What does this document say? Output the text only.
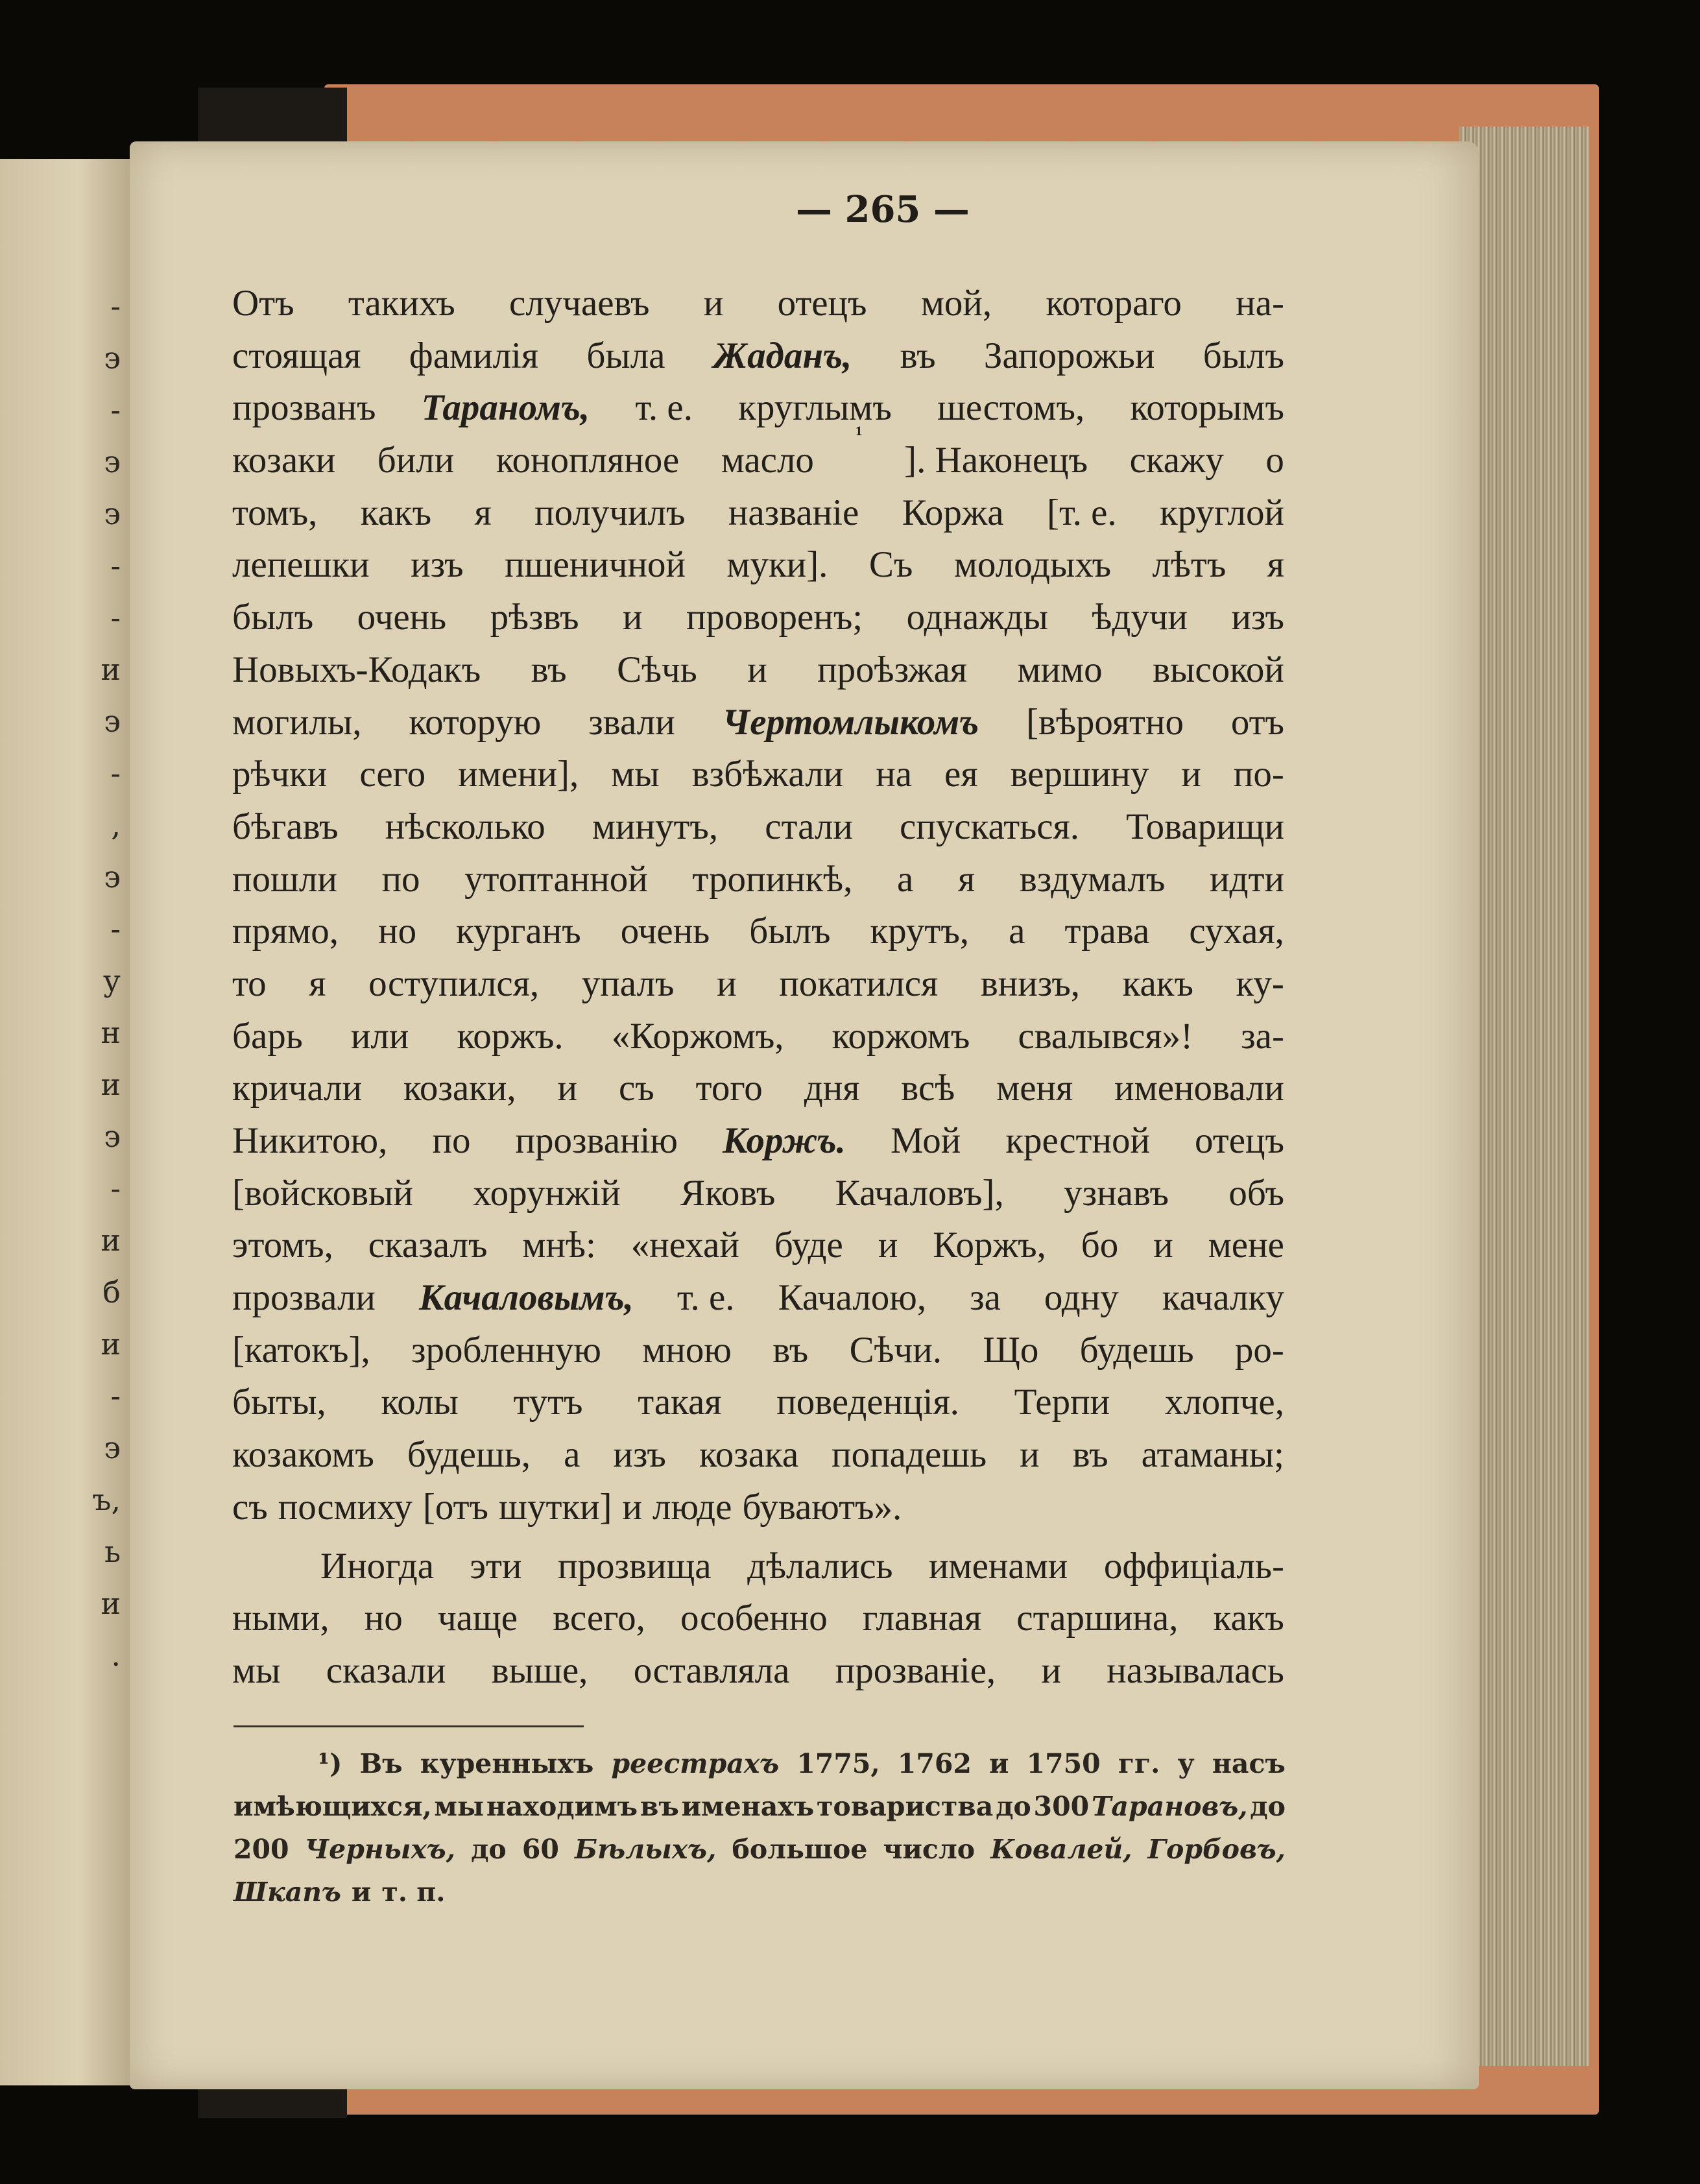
-
э
-
э
э
-
-
и
э
-
,
э
-
у
н
и
э
-
и
б
и
-
э
ъ,
ь
и
.
— 265 —
Отъ такихъ случаевъ и отецъ мой, котораго на-
стоящая фамилія была Жаданъ, въ Запорожьи былъ
прозванъ Тараномъ, т. е. круглымъ шестомъ, которымъ
козаки били конопляное масло
¹
]. Наконецъ скажу о
томъ, какъ я получилъ названіе Коржа [т. е. круглой
лепешки изъ пшеничной муки]. Съ молодыхъ лѣтъ я
былъ очень рѣзвъ и проворенъ; однажды ѣдучи изъ
Новыхъ-Кодакъ въ Сѣчь и проѣзжая мимо высокой
могилы, которую звали Чертомлыкомъ [вѣроятно отъ
рѣчки сего имени], мы взбѣжали на ея вершину и по-
бѣгавъ нѣсколько минутъ, стали спускаться. Товарищи
пошли по утоптанной тропинкѣ, а я вздумалъ идти
прямо, но курганъ очень былъ крутъ, а трава сухая,
то я оступился, упалъ и покатился внизъ, какъ ку-
барь или коржъ. «Коржомъ, коржомъ свалывся»! за-
кричали козаки, и съ того дня всѣ меня именовали
Никитою, по прозванію Коржъ. Мой крестной отецъ
[войсковый хорунжій Яковъ Качаловъ], узнавъ объ
этомъ, сказалъ мнѣ: «нехай буде и Коржъ, бо и мене
прозвали Качаловымъ, т. е. Качалою, за одну качалку
[катокъ], зробленную мною въ Сѣчи. Що будешь ро-
быты, колы тутъ такая поведенція. Терпи хлопче,
козакомъ будешь, а изъ козака попадешь и въ атаманы;
съ посмиху [отъ шутки] и люде буваютъ».
Иногда эти прозвища дѣлались именами оффиціаль-
ными, но чаще всего, особенно главная старшина, какъ
мы сказали выше, оставляла прозваніе, и называлась
¹) Въ куренныхъ реестрахъ 1775, 1762 и 1750 гг. у насъ
имѣющихся, мы находимъ въ именахъ товариства до 300 Тарановъ, до
200 Черныхъ, до 60 Бѣлыхъ, большое число Ковалей, Горбовъ,
Шкапъ и т. п.
